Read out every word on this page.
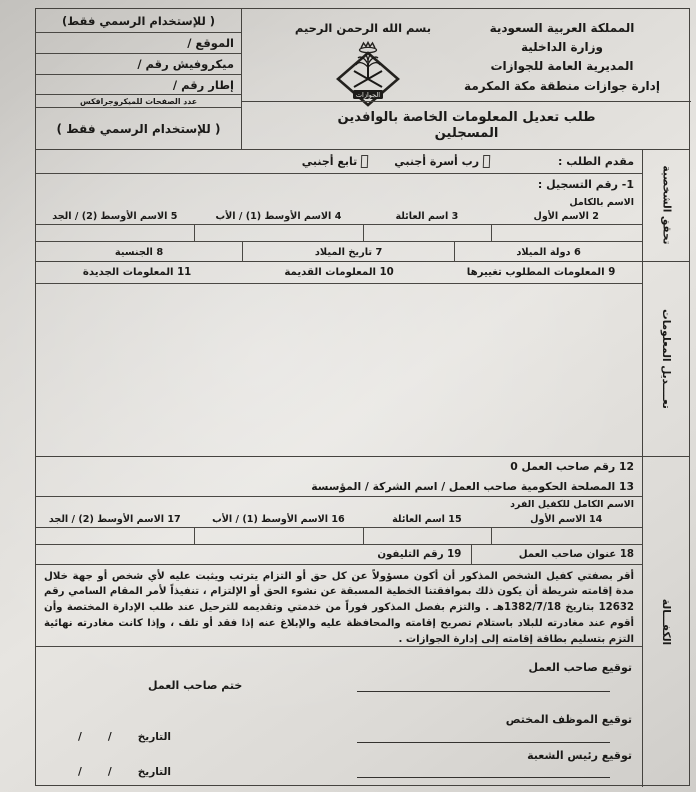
( للإستخدام الرسمي فقط)
الموقع /
ميكروفيش رقم /
إطار رقم /
عدد الصفحات للميكروجرافكس
( للإستخدام الرسمي فقط )
المملكة العربية السعودية
وزارة الداخلية
المديرية العامة للجوازات
إدارة جوازات منطقة مكة المكرمة
بسم الله الرحمن الرحيم
الجوازات
طلب تعديل المعلومات الخاصة بالوافدين
المسجلين
تحقق الشخصية
تعــــديل المعلومات
الكفـــالة
مقدم الطلب :
رب أسرة أجنبي
تابع أجنبي
1- رقم التسجيل :
الاسم بالكامل
2 الاسم الأول
3 اسم العائلة
4 الاسم الأوسط (1) / الأب
5 الاسم الأوسط (2) / الجد
6 دولة الميلاد
7 تاريخ الميلاد
8 الجنسية
9 المعلومات المطلوب تغييرها
10 المعلومات القديمة
11 المعلومات الجديدة
12 رقم صاحب العمل 0
13 المصلحة الحكومية صاحب العمل / اسم الشركة / المؤسسة
الاسم الكامل للكفيل الفرد
14 الاسم الأول
15 اسم العائلة
16 الاسم الأوسط (1) / الأب
17 الاسم الأوسط (2) / الجد
18 عنوان صاحب العمل
19 رقم التليفون
أقر بصفتي كفيل الشخص المذكور أن أكون مسؤولاً عن كل حق أو التزام يترتب ويثبت عليه لأي شخص أو جهة خلال مدة إقامته شريطة أن يكون ذلك بموافقتنا الخطية المسبقة عن نشوء الحق أو الإلتزام ، تنفيذاً لأمر المقام السامي رقم 12632 بتاريخ 1382/7/18هـ . والتزم بفصل المذكور فوراً من خدمتي وتقديمه للترحيل عند طلب الإدارة المختصة وأن أقوم عند مغادرته للبلاد باستلام تصريح إقامته والمحافظة عليه والإبلاغ عنه إذا فقد أو تلف ، وإذا كانت مغادرته نهائية التزم بتسليم بطاقة إقامته إلى إدارة الجوازات .
توقيع صاحب العمل
ختم صاحب العمل
توقيع الموظف المختص
التاريخ
/
/
توقيع رئيس الشعبة
التاريخ
/
/
